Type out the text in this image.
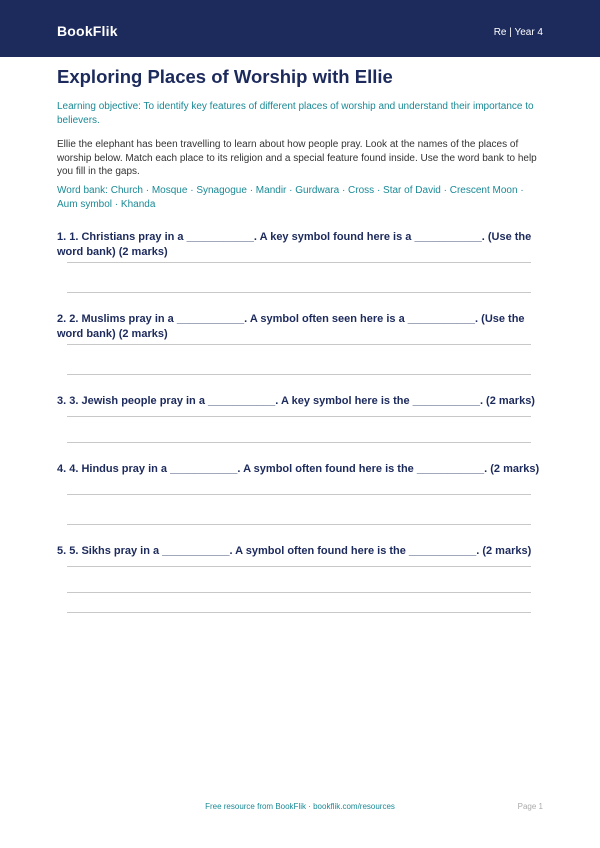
BookFlik	Re | Year 4
Exploring Places of Worship with Ellie
Learning objective: To identify key features of different places of worship and understand their importance to believers.
Ellie the elephant has been travelling to learn about how people pray. Look at the names of the places of worship below. Match each place to its religion and a special feature found inside. Use the word bank to help you fill in the gaps.
Word bank: Church · Mosque · Synagogue · Mandir · Gurdwara · Cross · Star of David · Crescent Moon · Aum symbol · Khanda
1. 1. Christians pray in a ___________. A key symbol found here is a ___________. (Use the word bank) (2 marks)
2. 2. Muslims pray in a ___________. A symbol often seen here is a ___________. (Use the word bank) (2 marks)
3. 3. Jewish people pray in a ___________. A key symbol here is the ___________. (2 marks)
4. 4. Hindus pray in a ___________. A symbol often found here is the ___________. (2 marks)
5. 5. Sikhs pray in a ___________. A symbol often found here is the ___________. (2 marks)
Free resource from BookFlik · bookflik.com/resources	Page 1
